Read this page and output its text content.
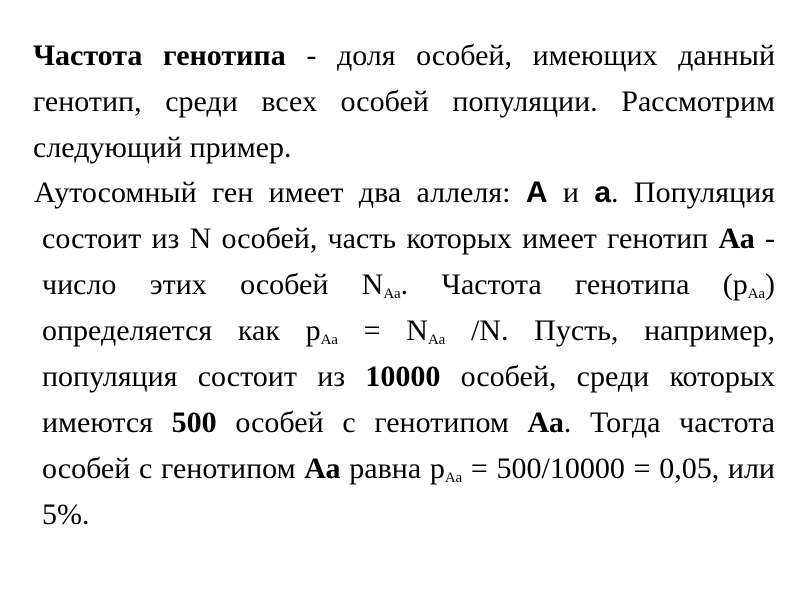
Частота генотипа - доля особей, имеющих данный генотип, среди всех особей популяции. Рассмотрим следующий пример.
Аутосомный ген имеет два аллеля: А и а. Популяция состоит из N особей, часть которых имеет генотип Аа - число этих особей $N_{Аа}$. Частота генотипа $(р_{Аа})$ определяется как $р_{Аа} = N_{Аа}$ /N. Пусть, например, популяция состоит из 10000 особей, среди которых имеются 500 особей с генотипом Аа. Тогда частота особей с генотипом Аа равна $р_{Аа} = 500/10000 = 0,05$, или 5%.
